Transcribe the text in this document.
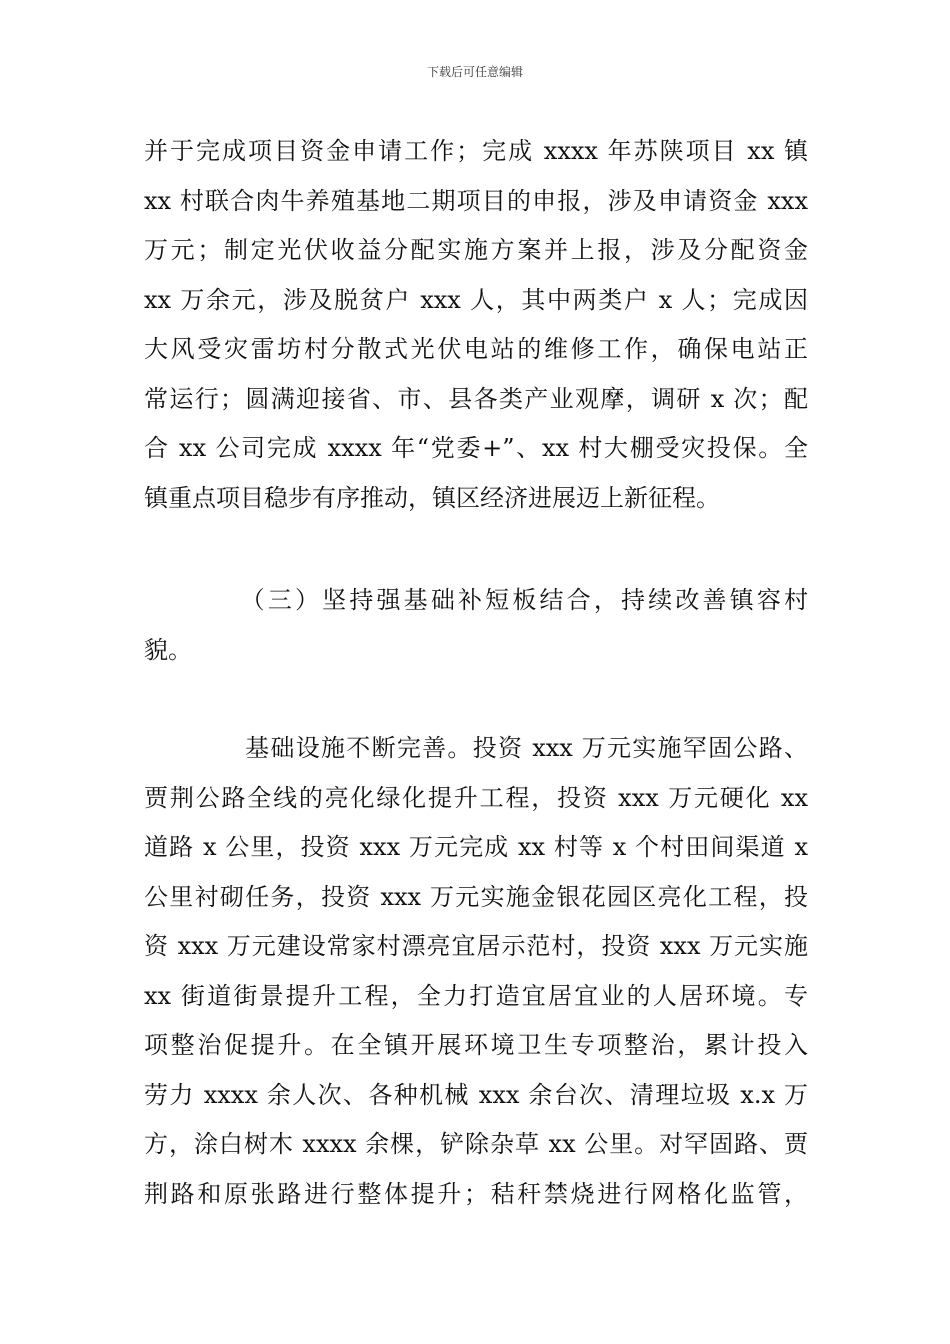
下载后可任意编辑
并于完成项目资金申请工作；完成 xxxx 年苏陕项目 xx 镇
xx 村联合肉牛养殖基地二期项目的申报，涉及申请资金 xxx
万元；制定光伏收益分配实施方案并上报，涉及分配资金
xx 万余元，涉及脱贫户 xxx 人，其中两类户 x 人；完成因
大风受灾雷坊村分散式光伏电站的维修工作，确保电站正
常运行；圆满迎接省、市、县各类产业观摩，调研 x 次；配
合 xx 公司完成 xxxx 年“党委+”、xx 村大棚受灾投保。全
镇重点项目稳步有序推动，镇区经济进展迈上新征程。
　　　　（三）坚持强基础补短板结合，持续改善镇容村
貌。
　　　　基础设施不断完善。投资 xxx 万元实施罕固公路、
贾荆公路全线的亮化绿化提升工程，投资 xxx 万元硬化 xx
道路 x 公里，投资 xxx 万元完成 xx 村等 x 个村田间渠道 x
公里衬砌任务，投资 xxx 万元实施金银花园区亮化工程，投
资 xxx 万元建设常家村漂亮宜居示范村，投资 xxx 万元实施
xx 街道街景提升工程，全力打造宜居宜业的人居环境。专
项整治促提升。在全镇开展环境卫生专项整治，累计投入
劳力 xxxx 余人次、各种机械 xxx 余台次、清理垃圾 x.x 万
方，涂白树木 xxxx 余棵，铲除杂草 xx 公里。对罕固路、贾
荆路和原张路进行整体提升；秸秆禁烧进行网格化监管，
